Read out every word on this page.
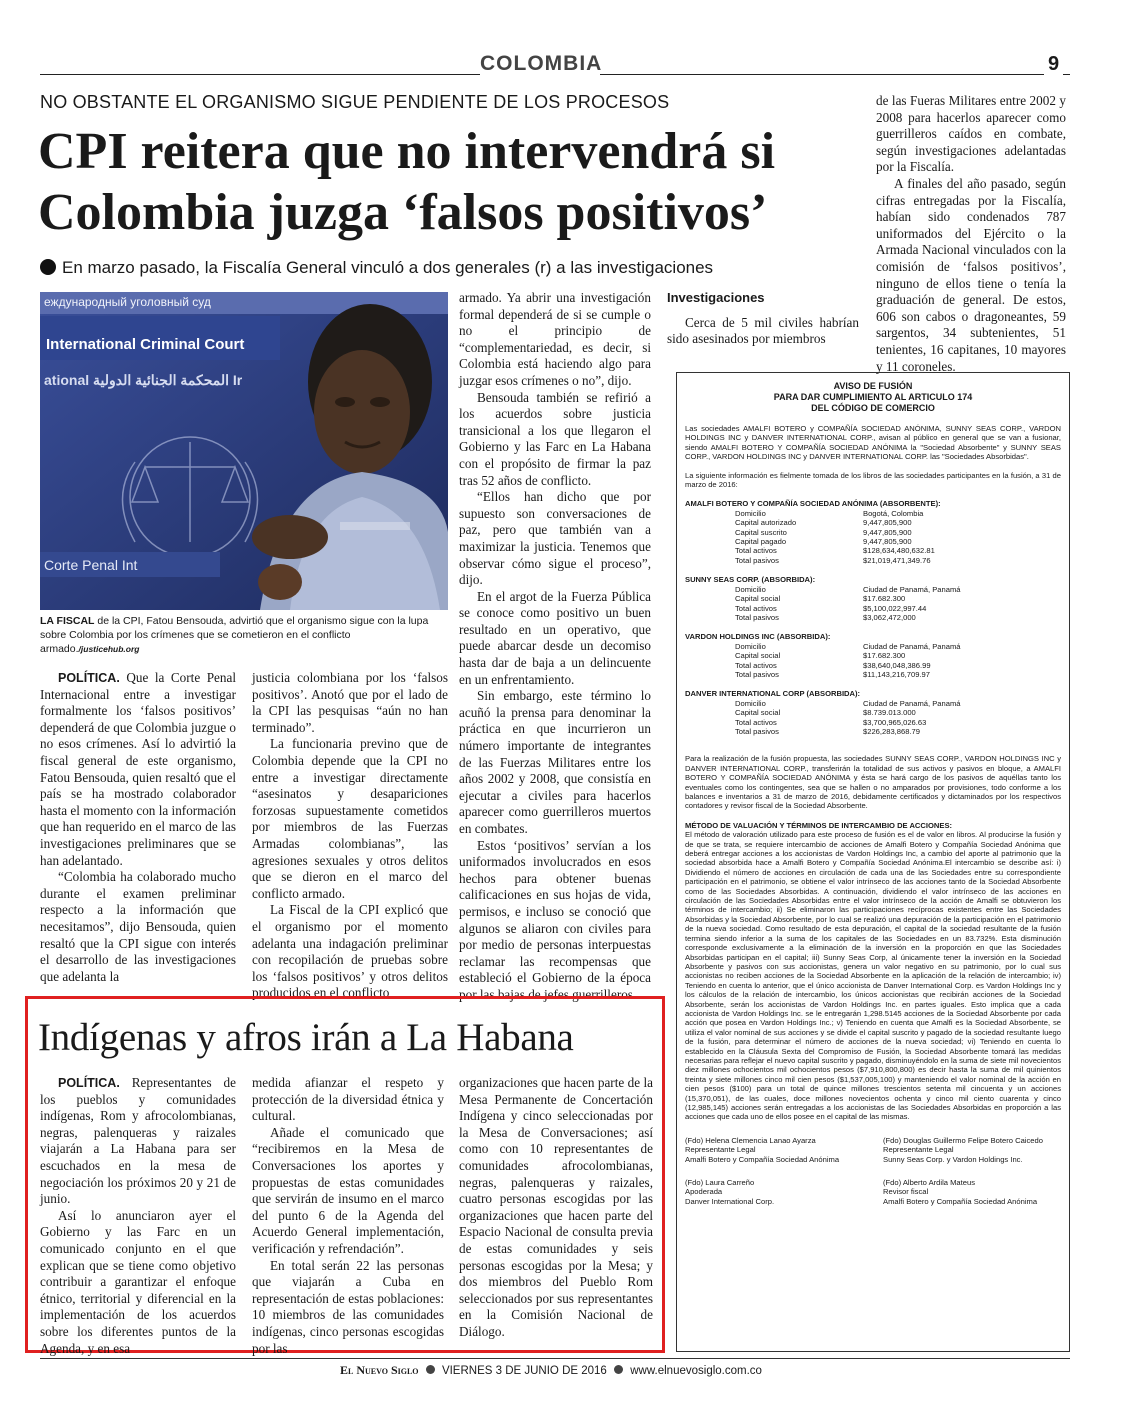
COLOMBIA	9
NO OBSTANTE EL ORGANISMO SIGUE PENDIENTE DE LOS PROCESOS
CPI reitera que no intervendrá si
Colombia juzga ‘falsos positivos’
En marzo pasado, la Fiscalía General vinculó a dos generales (r) a las investigaciones
еждународный уголовный суд
International Criminal Court
ational المحكمة الجنائية الدولية Ir
Corte Penal Int
LA FISCAL de la CPI, Fatou Bensouda, advirtió que el organismo sigue con la lupa sobre Colombia por los crímenes que se cometieron en el conflicto armado./justicehub.org

POLÍTICA. Que la Corte Penal Internacional entre a investigar formalmente los ‘falsos positivos’ dependerá de que Colombia juzgue o no esos crímenes. Así lo advirtió la fiscal general de este organismo, Fatou Bensouda, quien resaltó que el país se ha mostrado colaborador hasta el momento con la información que han requerido en el marco de las investigaciones preliminares que se han adelantado.

“Colombia ha colaborado mucho durante el examen preliminar respecto a la información que necesitamos”, dijo Bensouda, quien resaltó que la CPI sigue con interés el desarrollo de las investigaciones que adelanta la

justicia colombiana por los ‘falsos positivos’. Anotó que por el lado de la CPI las pesquisas “aún no han terminado”.

La funcionaria previno que de Colombia depende que la CPI no entre a investigar directamente “asesinatos y desapariciones forzosas supuestamente cometidos por miembros de las Fuerzas Armadas colombianas”, las agresiones sexuales y otros delitos que se dieron en el marco del conflicto armado.

La Fiscal de la CPI explicó que el organismo por el momento adelanta una indagación preliminar con recopilación de pruebas sobre los ‘falsos positivos’ y otros delitos producidos en el conflicto

armado. Ya abrir una investigación formal dependerá de si se cumple o no el principio de “complementariedad, es decir, si Colombia está haciendo algo para juzgar esos crímenes o no”, dijo.

Bensouda también se refirió a los acuerdos sobre justicia transicional a los que llegaron el Gobierno y las Farc en La Habana con el propósito de firmar la paz tras 52 años de conflicto.

“Ellos han dicho que por supuesto son conversaciones de paz, pero que también van a maximizar la justicia. Tenemos que observar cómo sigue el proceso”, dijo.

En el argot de la Fuerza Pública se conoce como positivo un buen resultado en un operativo, que puede abarcar desde un decomiso hasta dar de baja a un delincuente en un enfrentamiento.

Sin embargo, este término lo acuñó la prensa para denominar la práctica en que incurrieron un número importante de integrantes de las Fuerzas Militares entre los años 2002 y 2008, que consistía en ejecutar a civiles para hacerlos aparecer como guerrilleros muertos en combates.

Estos ‘positivos’ servían a los uniformados involucrados en esos hechos para obtener buenas calificaciones en sus hojas de vida, permisos, e incluso se conoció que algunos se aliaron con civiles para por medio de personas interpuestas reclamar las recompensas que estableció el Gobierno de la época por las bajas de jefes guerrilleros.

Investigaciones

Cerca de 5 mil civiles habrían sido asesinados por miembros

de las Fueras Militares entre 2002 y 2008 para hacerlos aparecer como guerrilleros caídos en combate, según investigaciones adelantadas por la Fiscalía.

A finales del año pasado, según cifras entregadas por la Fiscalía, habían sido condenados 787 uniformados del Ejército o la Armada Nacional vinculados con la comisión de ‘falsos positivos’, ninguno de ellos tiene o tenía la graduación de general. De estos, 606 son cabos o dragoneantes, 59 sargentos, 34 subtenientes, 51 tenientes, 16 capitanes, 10 mayores y 11 coroneles.

Indígenas y afros irán a La Habana

POLÍTICA. Representantes de los pueblos y comunidades indígenas, Rom y afrocolombianas, negras, palenqueras y raizales viajarán a La Habana para ser escuchados en la mesa de negociación los próximos 20 y 21 de junio.

Así lo anunciaron ayer el Gobierno y las Farc en un comunicado conjunto en el que explican que se tiene como objetivo contribuir a garantizar el enfoque étnico, territorial y diferencial en la implementación de los acuerdos sobre los diferentes puntos de la Agenda, y en esa

medida afianzar el respeto y protección de la diversidad étnica y cultural.

Añade el comunicado que “recibiremos en la Mesa de Conversaciones los aportes y propuestas de estas comunidades que servirán de insumo en el marco del punto 6 de la Agenda del Acuerdo General implementación, verificación y refrendación”.

En total serán 22 las personas que viajarán a Cuba en representación de estas poblaciones: 10 miembros de las comunidades indígenas, cinco personas escogidas por las

organizaciones que hacen parte de la Mesa Permanente de Concertación Indígena y cinco seleccionadas por la Mesa de Conversaciones; así como con 10 representantes de comunidades afrocolombianas, negras, palenqueras y raizales, cuatro personas escogidas por las organizaciones que hacen parte del Espacio Nacional de consulta previa de estas comunidades y seis personas escogidas por la Mesa; y dos miembros del Pueblo Rom seleccionados por sus representantes en la Comisión Nacional de Diálogo.

AVISO DE FUSIÓN
PARA DAR CUMPLIMIENTO AL ARTICULO 174
DEL CÓDIGO DE COMERCIO

Las sociedades AMALFI BOTERO y COMPAÑÍA SOCIEDAD ANÓNIMA, SUNNY SEAS CORP., VARDON HOLDINGS INC y DANVER INTERNATIONAL CORP., avisan al público en general que se van a fusionar, siendo AMALFI BOTERO Y COMPAÑÍA SOCIEDAD ANÓNIMA la "Sociedad Absorbente" y SUNNY SEAS CORP., VARDON HOLDINGS INC y DANVER INTERNATIONAL CORP. las "Sociedades Absorbidas".

La siguiente información es fielmente tomada de los libros de las sociedades participantes en la fusión, a 31 de marzo de 2016:

AMALFI BOTERO Y COMPAÑÍA SOCIEDAD ANÓNIMA (ABSORBENTE):
Domicilio	Bogotá, Colombia
Capital autorizado	9,447,805,900
Capital suscrito	9,447,805,900
Capital pagado	9,447,805,900
Total activos	$128,634,480,632.81
Total pasivos	$21,019,471,349.76
SUNNY SEAS CORP. (ABSORBIDA):
Domicilio	Ciudad de Panamá, Panamá
Capital social	$17.682.300
Total activos	$5,100,022,997.44
Total pasivos	$3,062,472,000
VARDON HOLDINGS INC (ABSORBIDA):
Domicilio	Ciudad de Panamá, Panamá
Capital social	$17.682.300
Total activos	$38,640,048,386.99
Total pasivos	$11,143,216,709.97
DANVER INTERNATIONAL CORP (ABSORBIDA):
Domicilio	Ciudad de Panamá, Panamá
Capital social	$8.739.013.000
Total activos	$3,700,965,026.63
Total pasivos	$226,283,868.79

Para la realización de la fusión propuesta, las sociedades SUNNY SEAS CORP., VARDON HOLDINGS INC y DANVER INTERNATIONAL CORP., transferirán la totalidad de sus activos y pasivos en bloque, a AMALFI BOTERO Y COMPAÑÍA SOCIEDAD ANÓNIMA y ésta se hará cargo de los pasivos de aquéllas tanto los eventuales como los contingentes, sea que se hallen o no amparados por provisiones, todo conforme a los balances e inventarios a 31 de marzo de 2016, debidamente certificados y dictaminados por los respectivos contadores y revisor fiscal de la Sociedad Absorbente.

MÉTODO DE VALUACIÓN Y TÉRMINOS DE INTERCAMBIO DE ACCIONES:

El método de valoración utilizado para este proceso de fusión es el de valor en libros. Al producirse la fusión y de que se trata, se requiere intercambio de acciones de Amalfi Botero y Compañía Sociedad Anónima que deberá entregar acciones a los accionistas de Vardon Holdings Inc, a cambio del aporte al patrimonio que la sociedad absorbida hace a Amalfi Botero y Compañía Sociedad Anónima.El intercambio se describe así: i) Dividiendo el número de acciones en circulación de cada una de las Sociedades entre su correspondiente participación en el patrimonio, se obtiene el valor intrínseco de las acciones tanto de la Sociedad Absorbente como de las Sociedades Absorbidas. A continuación, dividiendo el valor intrínseco de las acciones en circulación de las Sociedades Absorbidas entre el valor intrínseco de la acción de Amalfi se obtuvieron los términos de intercambio; ii) Se eliminaron las participaciones recíprocas existentes entre las Sociedades Absorbidas y la Sociedad Absorbente, por lo cual se realizó una depuración de la participación en el patrimonio de la nueva sociedad. Como resultado de esta depuración, el capital de la sociedad resultante de la fusión termina siendo inferior a la suma de los capitales de las Sociedades en un 83.732%. Esta disminución corresponde exclusivamente a la eliminación de la inversión en la proporción en que las Sociedades Absorbidas participan en el capital; iii) Sunny Seas Corp, al únicamente tener la inversión en la Sociedad Absorbente y pasivos con sus accionistas, genera un valor negativo en su patrimonio, por lo cual sus accionistas no reciben acciones de la Sociedad Absorbente en la aplicación de la relación de intercambio; iv) Teniendo en cuenta lo anterior, que el único accionista de Danver International Corp. es Vardon Holdings Inc y los cálculos de la relación de intercambio, los únicos accionistas que recibirán acciones de la Sociedad Absorbente, serán los accionistas de Vardon Holdings Inc. en partes iguales. Esto implica que a cada accionista de Vardon Holdings Inc. se le entregarán 1,298.5145 acciones de la Sociedad Absorbente por cada acción que posea en Vardon Holdings Inc.; v) Teniendo en cuenta que Amalfi es la Sociedad Absorbente, se utiliza el valor nominal de sus acciones y se divide el capital suscrito y pagado de la sociedad resultante luego de la fusión, para determinar el número de acciones de la nueva sociedad; vi) Teniendo en cuenta lo establecido en la Cláusula Sexta del Compromiso de Fusión, la Sociedad Absorbente tomará las medidas necesarias para reflejar el nuevo capital suscrito y pagado, disminuyéndolo en la suma de siete mil novecientos diez millones ochocientos mil ochocientos pesos ($7,910,800,800) es decir hasta la suma de mil quinientos treinta y siete millones cinco mil cien pesos ($1,537,005,100) y manteniendo el valor nominal de la acción en cien pesos ($100) para un total de quince millones trescientos setenta mil cincuenta y un acciones (15,370,051), de las cuales, doce millones novecientos ochenta y cinco mil ciento cuarenta y cinco (12,985,145) acciones serán entregadas a los accionistas de las Sociedades Absorbidas en proporción a las acciones que cada uno de ellos posee en el capital de las mismas.

(Fdo) Helena Clemencia Lanao Ayarza
Representante Legal
Amalfi Botero y Compañía Sociedad Anónima
(Fdo) Douglas Guillermo Felipe Botero Caicedo
Representante Legal
Sunny Seas Corp. y Vardon Holdings Inc.
(Fdo) Laura Carreño
Apoderada
Danver International Corp.
(Fdo) Alberto Ardila Mateus
Revisor fiscal
Amalfi Botero y Compañía Sociedad Anónima
El Nuevo Siglo VIERNES 3 DE JUNIO DE 2016 www.elnuevosiglo.com.co
